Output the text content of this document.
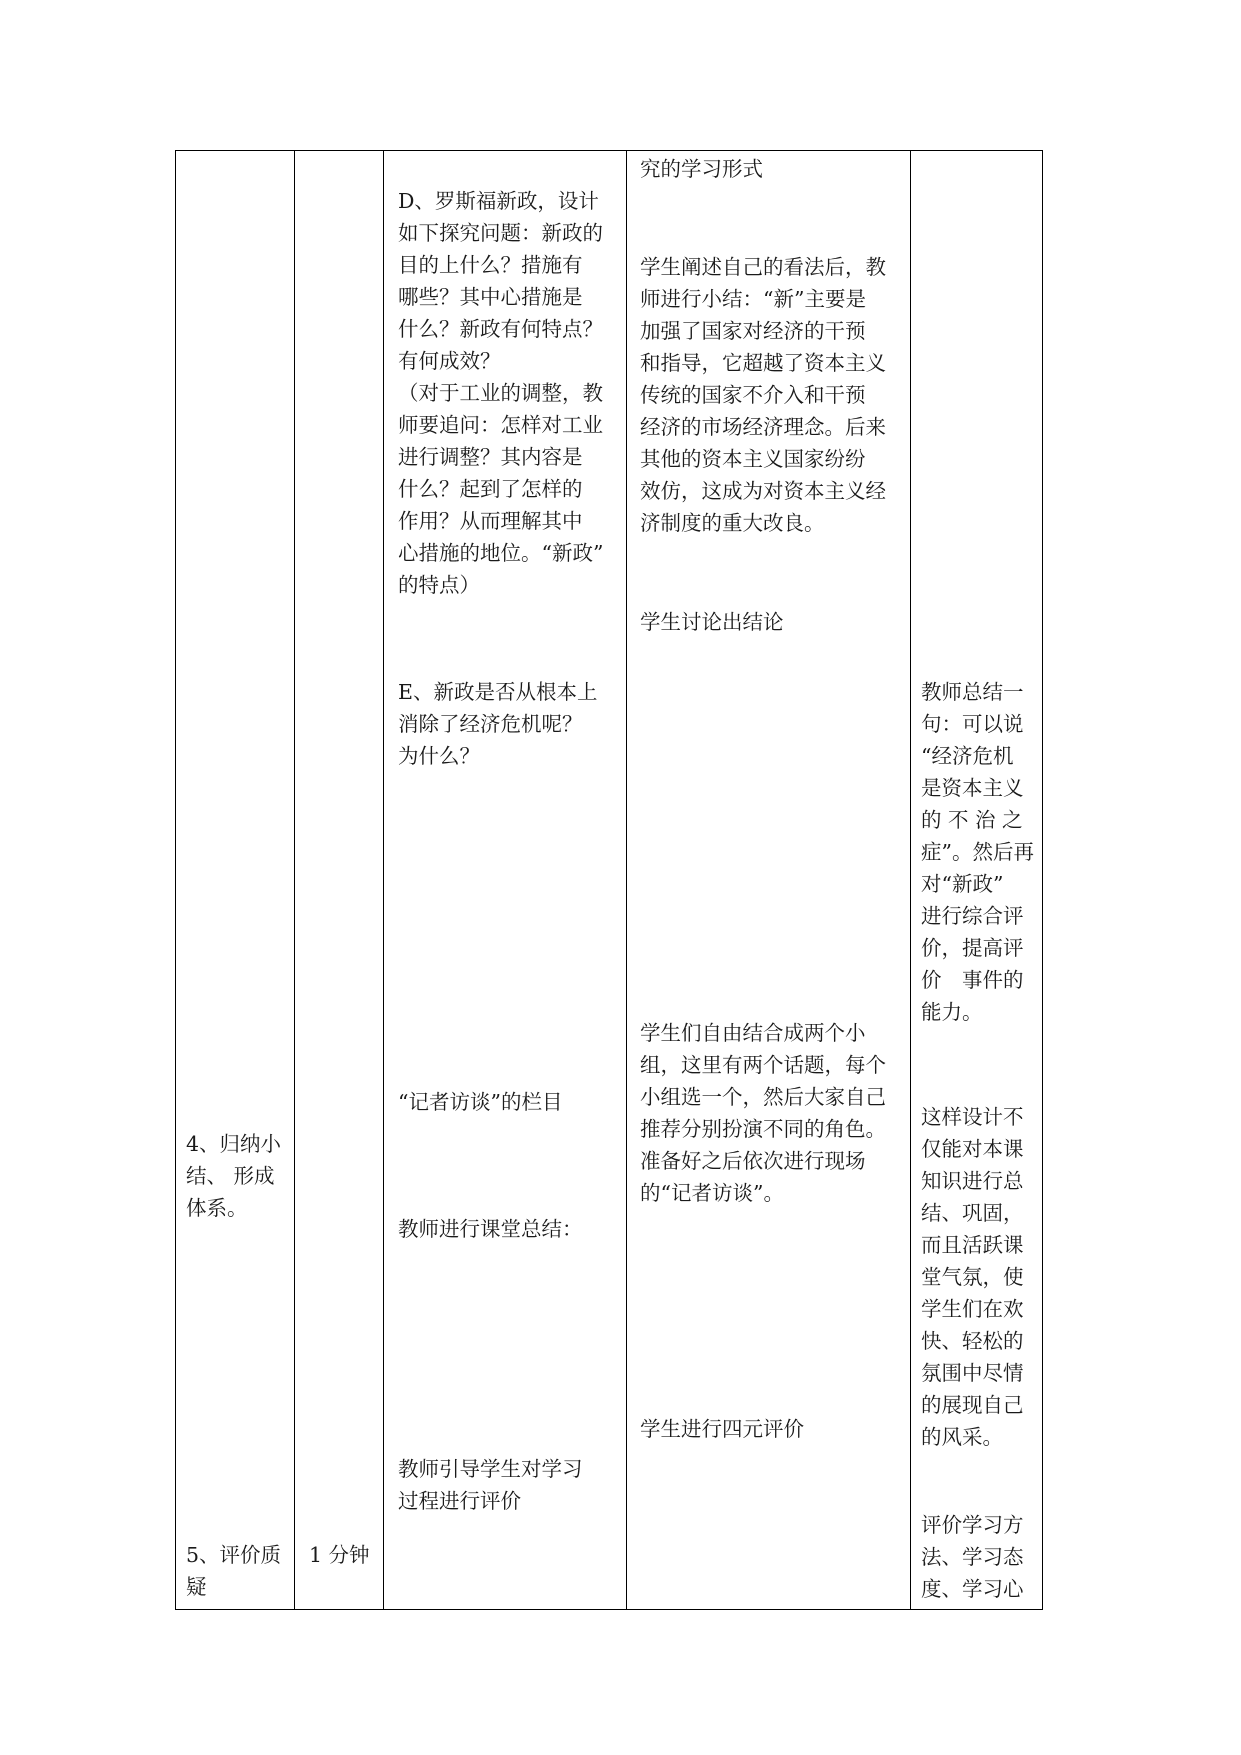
4、归纳小
结、 形成
体系。
5、评价质
疑
1 分钟
D、罗斯福新政，设计
如下探究问题：新政的
目的上什么？措施有
哪些？其中心措施是
什么？新政有何特点？
有何成效？
（对于工业的调整，教
师要追问：怎样对工业
进行调整？其内容是
什么？起到了怎样的
作用？从而理解其中
心措施的地位。“新政”
的特点）
E、新政是否从根本上
消除了经济危机呢？
为什么？
“记者访谈”的栏目
教师进行课堂总结：
教师引导学生对学习
过程进行评价
究的学习形式
学生阐述自己的看法后，教
师进行小结：“新”主要是
加强了国家对经济的干预
和指导，它超越了资本主义
传统的国家不介入和干预
经济的市场经济理念。后来
其他的资本主义国家纷纷
效仿，这成为对资本主义经
济制度的重大改良。
学生讨论出结论
学生们自由结合成两个小
组，这里有两个话题，每个
小组选一个，然后大家自己
推荐分别扮演不同的角色。
准备好之后依次进行现场
的“记者访谈”。
学生进行四元评价
教师总结一
句：可以说
“经济危机
是资本主义
的 不 治 之
症”。然后再
对“新政”
进行综合评
价，提高评
价　事件的
能力。
这样设计不
仅能对本课
知识进行总
结、巩固，
而且活跃课
堂气氛，使
学生们在欢
快、轻松的
氛围中尽情
的展现自己
的风采。
评价学习方
法、学习态
度、学习心
